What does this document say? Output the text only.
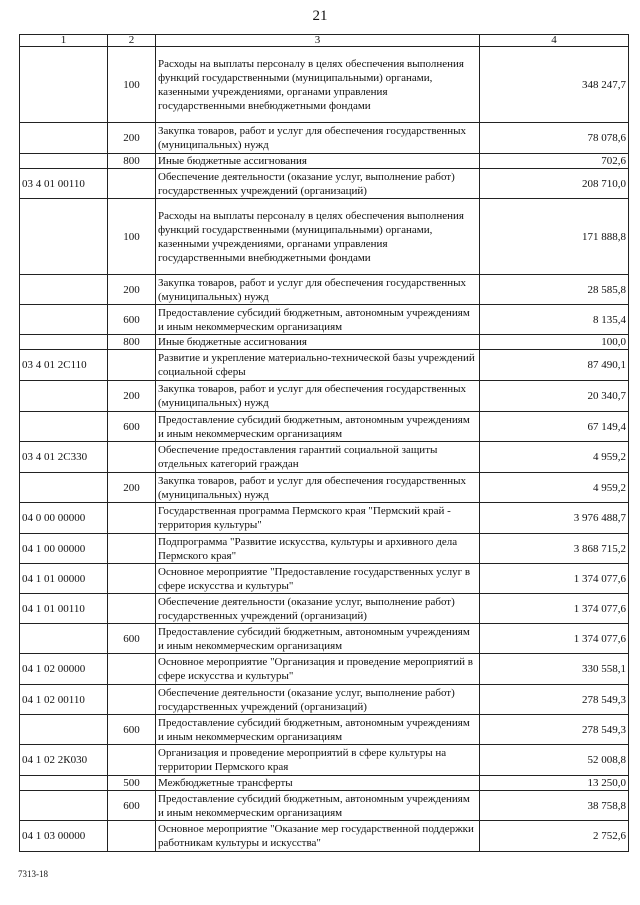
21
1	2	3	4
	100	Расходы на выплаты персоналу в целях обеспечения выполнения функций государственными (муниципальными) органами, казенными учреждениями, органами управления государственными внебюджетными фондами	348 247,7
	200	Закупка товаров, работ и услуг для обеспечения государственных (муниципальных) нужд	78 078,6
	800	Иные бюджетные ассигнования	702,6
03 4 01 00110		Обеспечение деятельности (оказание услуг, выполнение работ) государственных учреждений (организаций)	208 710,0
	100	Расходы на выплаты персоналу в целях обеспечения выполнения функций государственными (муниципальными) органами, казенными учреждениями, органами управления государственными внебюджетными фондами	171 888,8
	200	Закупка товаров, работ и услуг для обеспечения государственных (муниципальных) нужд	28 585,8
	600	Предоставление субсидий бюджетным, автономным учреждениям и иным некоммерческим организациям	8 135,4
	800	Иные бюджетные ассигнования	100,0
03 4 01 2С110		Развитие и укрепление материально-технической базы учреждений социальной сферы	87 490,1
	200	Закупка товаров, работ и услуг для обеспечения государственных (муниципальных) нужд	20 340,7
	600	Предоставление субсидий бюджетным, автономным учреждениям и иным некоммерческим организациям	67 149,4
03 4 01 2С330		Обеспечение предоставления гарантий социальной защиты отдельных категорий граждан	4 959,2
	200	Закупка товаров, работ и услуг для обеспечения государственных (муниципальных) нужд	4 959,2
04 0 00 00000		Государственная программа Пермского края "Пермский край - территория культуры"	3 976 488,7
04 1 00 00000		Подпрограмма "Развитие искусства, культуры и архивного дела Пермского края"	3 868 715,2
04 1 01 00000		Основное мероприятие "Предоставление государственных услуг в сфере искусства и культуры"	1 374 077,6
04 1 01 00110		Обеспечение деятельности (оказание услуг, выполнение работ) государственных учреждений (организаций)	1 374 077,6
	600	Предоставление субсидий бюджетным, автономным учреждениям и иным некоммерческим организациям	1 374 077,6
04 1 02 00000		Основное мероприятие "Организация и проведение мероприятий в сфере искусства и культуры"	330 558,1
04 1 02 00110		Обеспечение деятельности (оказание услуг, выполнение работ) государственных учреждений (организаций)	278 549,3
	600	Предоставление субсидий бюджетным, автономным учреждениям и иным некоммерческим организациям	278 549,3
04 1 02 2К030		Организация и проведение мероприятий в сфере культуры на территории Пермского края	52 008,8
	500	Межбюджетные трансферты	13 250,0
	600	Предоставление субсидий бюджетным, автономным учреждениям и иным некоммерческим организациям	38 758,8
04 1 03 00000		Основное мероприятие "Оказание мер государственной поддержки работникам культуры и искусства"	2 752,6
7313-18
